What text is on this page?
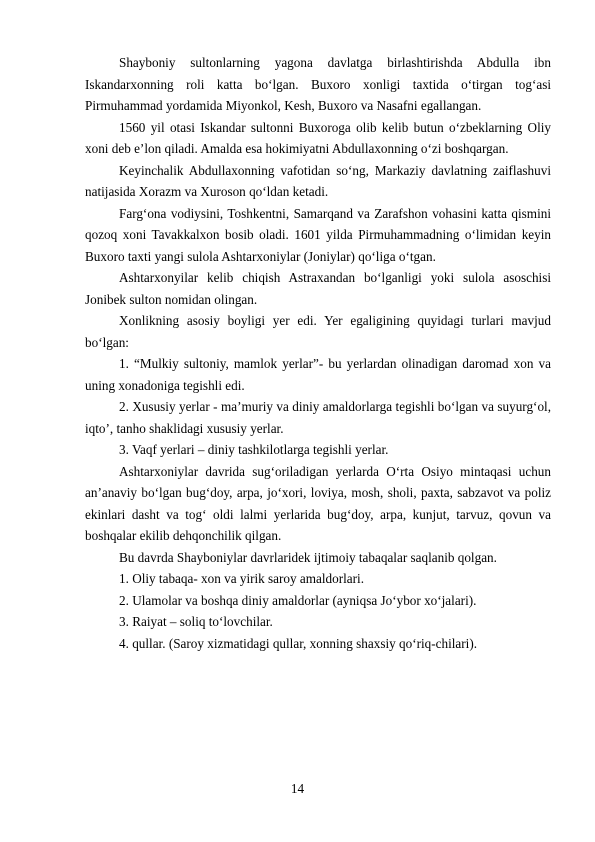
Shayboniy sultonlarning yagona davlatga birlashtirishda Abdulla ibn Iskandarxonning roli katta bo‘lgan. Buxoro xonligi taxtida o‘tirgan tog‘asi Pirmuhammad yordamida Miyonkol, Kesh, Buxoro va Nasafni egallangan.

1560 yil otasi Iskandar sultonni Buxoroga olib kelib butun o‘zbeklarning Oliy xoni deb e’lon qiladi. Amalda esa hokimiyatni Abdullaxonning o‘zi boshqargan.

Keyinchalik Abdullaxonning vafotidan so‘ng, Markaziy davlatning zaiflashuvi natijasida Xorazm va Xuroson qo‘ldan ketadi.

Farg‘ona vodiysini, Toshkentni, Samarqand va Zarafshon vohasini katta qismini qozoq xoni Tavakkalxon bosib oladi. 1601 yilda Pirmuhammadning o‘limidan keyin Buxoro taxti yangi sulola Ashtarxoniylar (Joniylar) qo‘liga o‘tgan.

Ashtarxonyilar kelib chiqish Astraxandan bo‘lganligi yoki sulola asoschisi Jonibek sulton nomidan olingan.

Xonlikning asosiy boyligi yer edi. Yer egaligining quyidagi turlari mavjud bo‘lgan:

1. “Mulkiy sultoniy, mamlok yerlar”- bu yerlardan olinadigan daromad xon va uning xonadoniga tegishli edi.

2. Xususiy yerlar - ma’muriy va diniy amaldorlarga tegishli bo‘lgan va suyurg‘ol, iqto’, tanho shaklidagi xususiy yerlar.

3. Vaqf yerlari – diniy tashkilotlarga tegishli yerlar.

Ashtarxoniylar davrida sug‘oriladigan yerlarda O‘rta Osiyo mintaqasi uchun an’anaviy bo‘lgan bug‘doy, arpa, jo‘xori, loviya, mosh, sholi, paxta, sabzavot va poliz ekinlari dasht va tog‘ oldi lalmi yerlarida bug‘doy, arpa, kunjut, tarvuz, qovun va boshqalar ekilib dehqonchilik qilgan.

Bu davrda Shayboniylar davrlaridek ijtimoiy tabaqalar saqlanib qolgan.

1. Oliy tabaqa- xon va yirik saroy amaldorlari.

2. Ulamolar va boshqa diniy amaldorlar (ayniqsa Jo‘ybor xo‘jalari).

3. Raiyat – soliq to‘lovchilar.

4. qullar. (Saroy xizmatidagi qullar, xonning shaxsiy qo‘riq-chilari).

14
